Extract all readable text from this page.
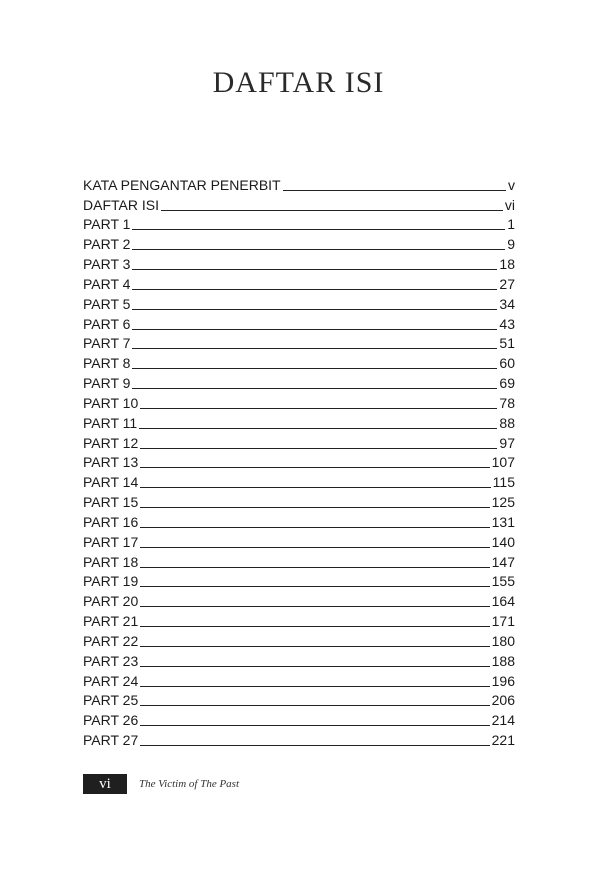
DAFTAR ISI
KATA PENGANTAR PENERBIT	v
DAFTAR ISI	vi
PART 1	1
PART 2	9
PART 3	18
PART 4	27
PART 5	34
PART 6	43
PART 7	51
PART 8	60
PART 9	69
PART 10	78
PART 11	88
PART 12	97
PART 13	107
PART 14	115
PART 15	125
PART 16	131
PART 17	140
PART 18	147
PART 19	155
PART 20	164
PART 21	171
PART 22	180
PART 23	188
PART 24	196
PART 25	206
PART 26	214
PART 27	221
vi	The Victim of The Past
